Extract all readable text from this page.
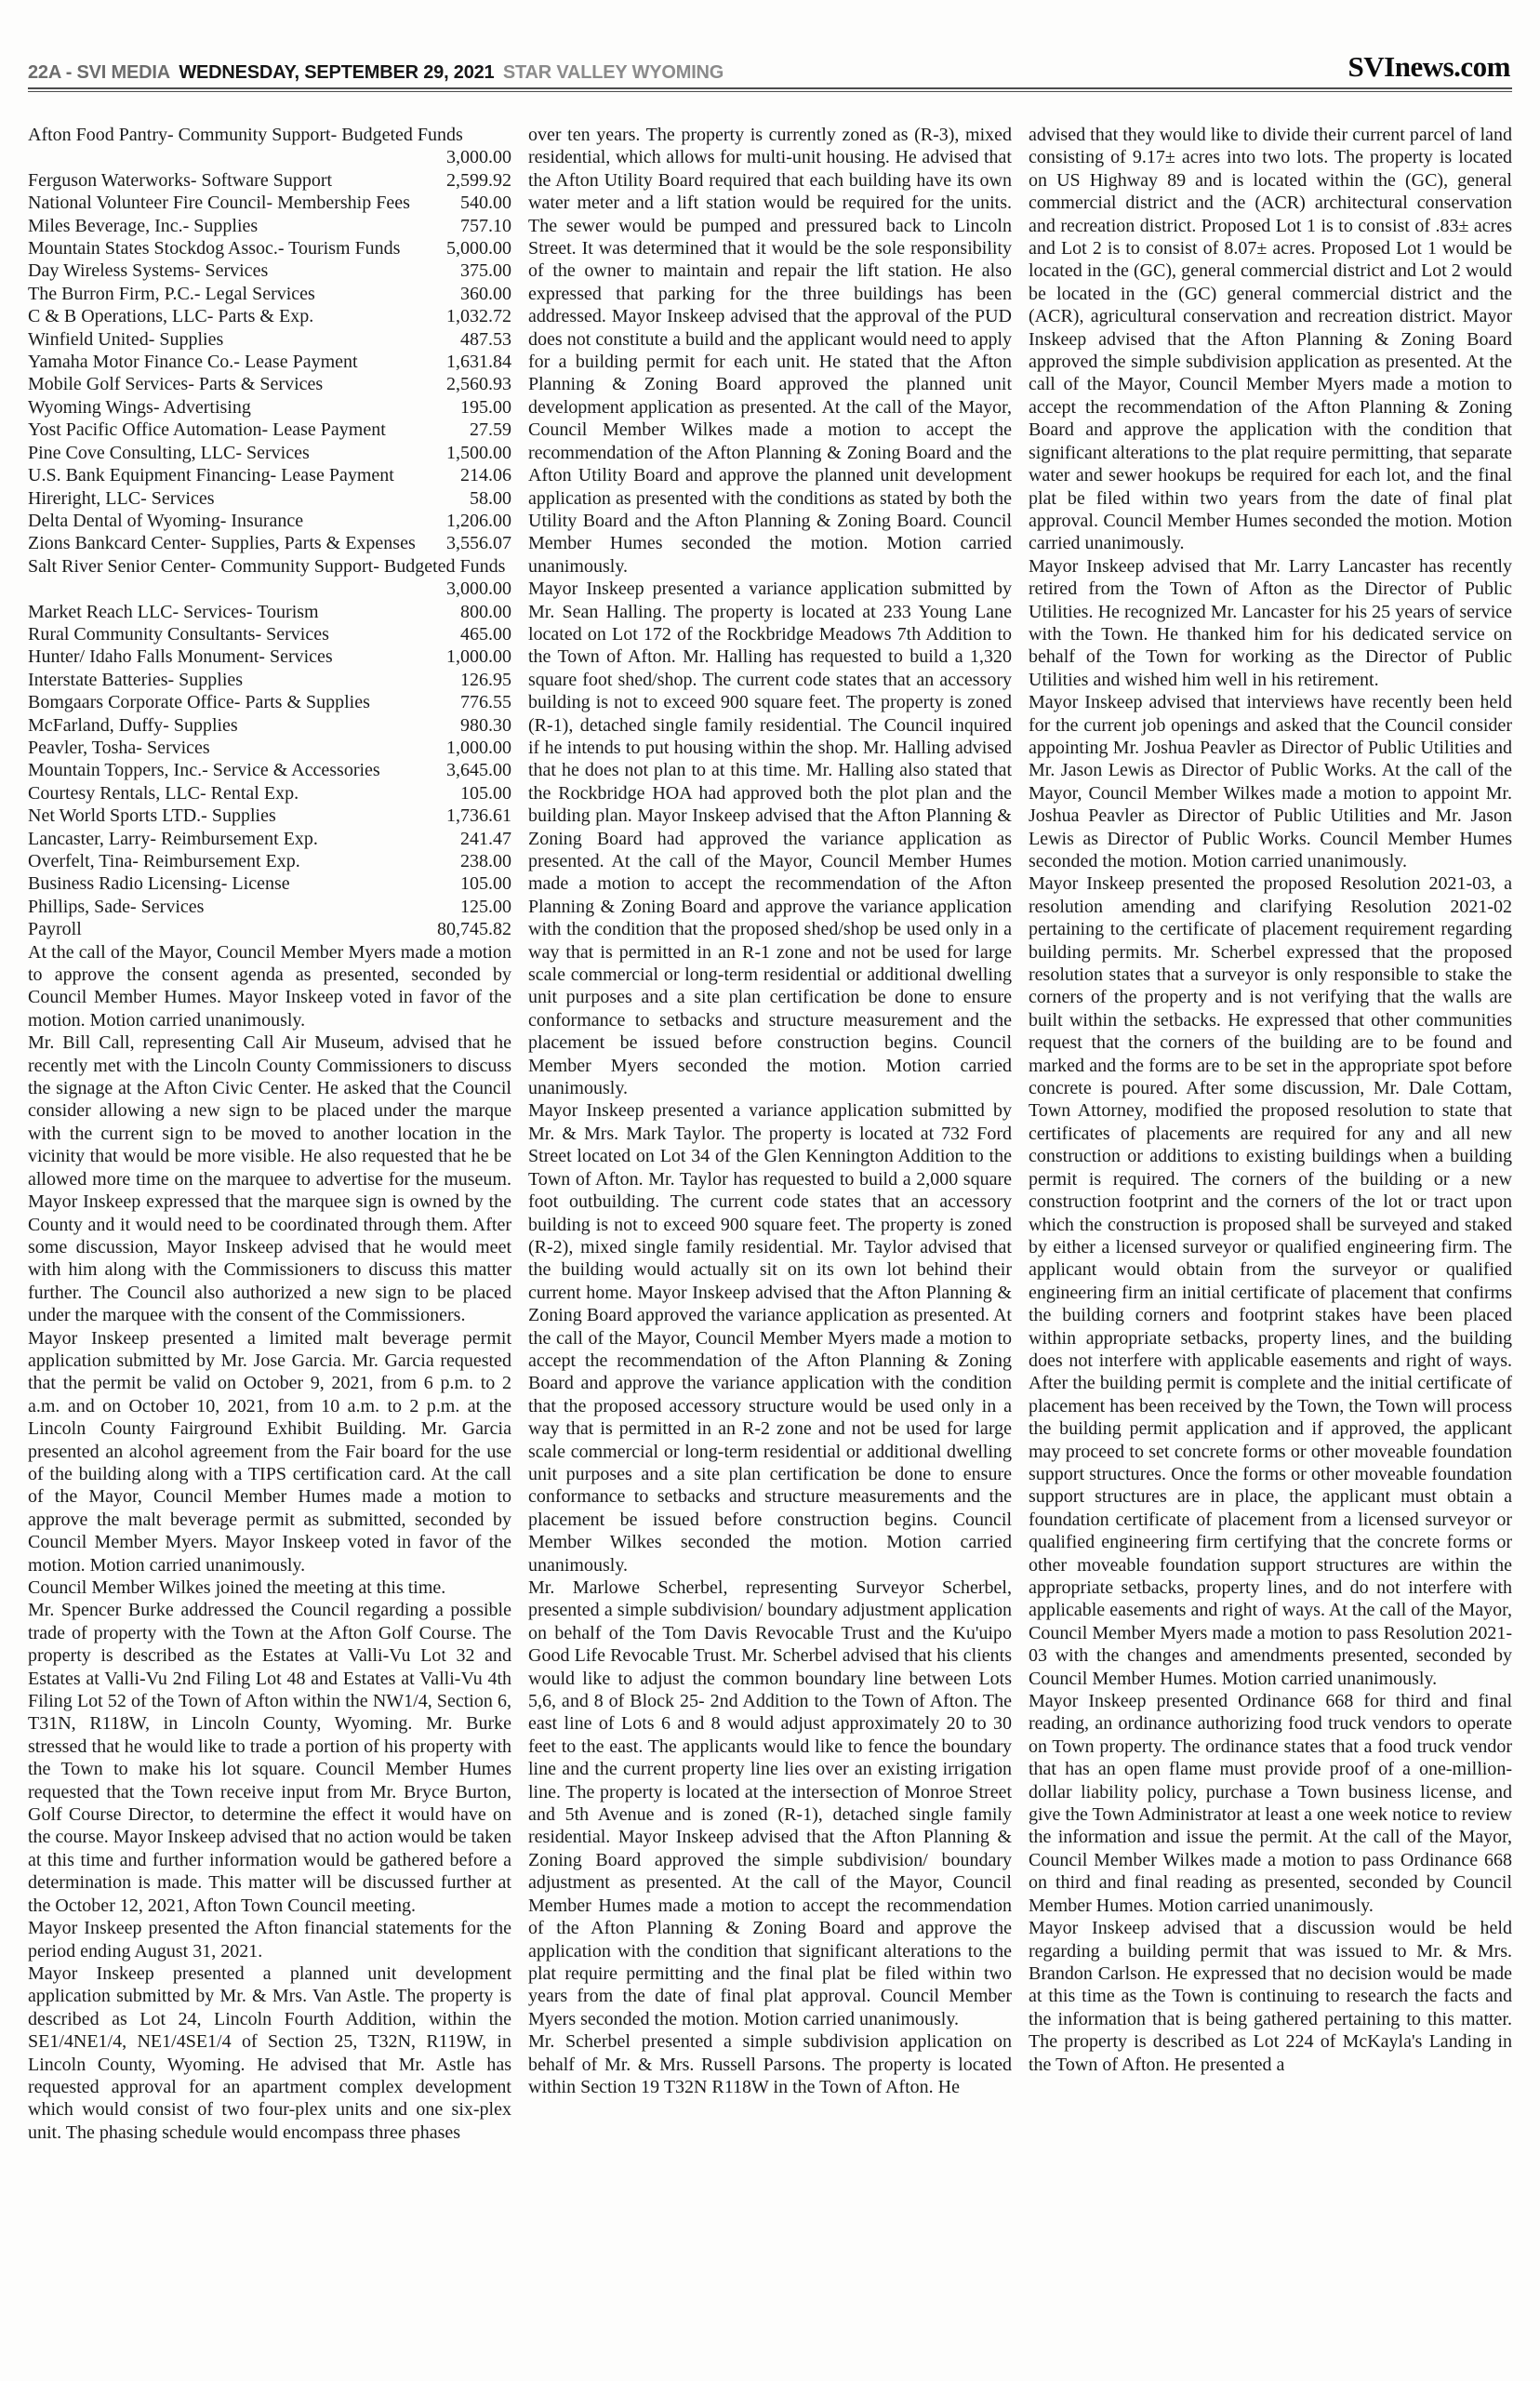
22A - SVI MEDIA WEDNESDAY, SEPTEMBER 29, 2021 STAR VALLEY WYOMING	SVInews.com
Afton Food Pantry- Community Support- Budgeted Funds
3,000.00
Ferguson Waterworks- Software Support	2,599.92
National Volunteer Fire Council- Membership Fees	540.00
Miles Beverage, Inc.- Supplies	757.10
Mountain States Stockdog Assoc.- Tourism Funds 5,000.00
Day Wireless Systems- Services	375.00
The Burron Firm, P.C.- Legal Services	360.00
C & B Operations, LLC- Parts & Exp.	1,032.72
Winfield United- Supplies	487.53
Yamaha Motor Finance Co.- Lease Payment	1,631.84
Mobile Golf Services- Parts & Services	2,560.93
Wyoming Wings- Advertising	195.00
Yost Pacific Office Automation- Lease Payment	27.59
Pine Cove Consulting, LLC- Services	1,500.00
U.S. Bank Equipment Financing- Lease Payment	214.06
Hireright, LLC- Services	58.00
Delta Dental of Wyoming- Insurance	1,206.00
Zions Bankcard Center- Supplies, Parts & Expenses 3,556.07
Salt River Senior Center- Community Support- Budgeted Funds
3,000.00
Market Reach LLC- Services- Tourism	800.00
Rural Community Consultants- Services	465.00
Hunter/ Idaho Falls Monument- Services	1,000.00
Interstate Batteries- Supplies	126.95
Bomgaars Corporate Office- Parts & Supplies	776.55
McFarland, Duffy- Supplies	980.30
Peavler, Tosha- Services	1,000.00
Mountain Toppers, Inc.- Service & Accessories	3,645.00
Courtesy Rentals, LLC- Rental Exp.	105.00
Net World Sports LTD.- Supplies	1,736.61
Lancaster, Larry- Reimbursement Exp.	241.47
Overfelt, Tina- Reimbursement Exp.	238.00
Business Radio Licensing- License	105.00
Phillips, Sade- Services	125.00
Payroll	80,745.82

At the call of the Mayor, Council Member Myers made a motion to approve the consent agenda as presented, seconded by Council Member Humes. Mayor Inskeep voted in favor of the motion. Motion carried unanimously.

Mr. Bill Call, representing Call Air Museum, advised that he recently met with the Lincoln County Commissioners to discuss the signage at the Afton Civic Center. He asked that the Council consider allowing a new sign to be placed under the marque with the current sign to be moved to another location in the vicinity that would be more visible. He also requested that he be allowed more time on the marquee to advertise for the museum. Mayor Inskeep expressed that the marquee sign is owned by the County and it would need to be coordinated through them. After some discussion, Mayor Inskeep advised that he would meet with him along with the Commissioners to discuss this matter further. The Council also authorized a new sign to be placed under the marquee with the consent of the Commissioners.

Mayor Inskeep presented a limited malt beverage permit application submitted by Mr. Jose Garcia. Mr. Garcia requested that the permit be valid on October 9, 2021, from 6 p.m. to 2 a.m. and on October 10, 2021, from 10 a.m. to 2 p.m. at the Lincoln County Fairground Exhibit Building. Mr. Garcia presented an alcohol agreement from the Fair board for the use of the building along with a TIPS certification card. At the call of the Mayor, Council Member Humes made a motion to approve the malt beverage permit as submitted, seconded by Council Member Myers. Mayor Inskeep voted in favor of the motion. Motion carried unanimously.

Council Member Wilkes joined the meeting at this time.

Mr. Spencer Burke addressed the Council regarding a possible trade of property with the Town at the Afton Golf Course. The property is described as the Estates at Valli-Vu Lot 32 and Estates at Valli-Vu 2nd Filing Lot 48 and Estates at Valli-Vu 4th Filing Lot 52 of the Town of Afton within the NW1/4, Section 6, T31N, R118W, in Lincoln County, Wyoming. Mr. Burke stressed that he would like to trade a portion of his property with the Town to make his lot square. Council Member Humes requested that the Town receive input from Mr. Bryce Burton, Golf Course Director, to determine the effect it would have on the course. Mayor Inskeep advised that no action would be taken at this time and further information would be gathered before a determination is made. This matter will be discussed further at the October 12, 2021, Afton Town Council meeting.

Mayor Inskeep presented the Afton financial statements for the period ending August 31, 2021.

Mayor Inskeep presented a planned unit development application submitted by Mr. & Mrs. Van Astle. The property is described as Lot 24, Lincoln Fourth Addition, within the SE1/4NE1/4, NE1/4SE1/4 of Section 25, T32N, R119W, in Lincoln County, Wyoming. He advised that Mr. Astle has requested approval for an apartment complex development which would consist of two four-plex units and one six-plex unit. The phasing schedule would encompass three phases

over ten years. The property is currently zoned as (R-3), mixed residential, which allows for multi-unit housing. He advised that the Afton Utility Board required that each building have its own water meter and a lift station would be required for the units. The sewer would be pumped and pressured back to Lincoln Street. It was determined that it would be the sole responsibility of the owner to maintain and repair the lift station. He also expressed that parking for the three buildings has been addressed. Mayor Inskeep advised that the approval of the PUD does not constitute a build and the applicant would need to apply for a building permit for each unit. He stated that the Afton Planning & Zoning Board approved the planned unit development application as presented. At the call of the Mayor, Council Member Wilkes made a motion to accept the recommendation of the Afton Planning & Zoning Board and the Afton Utility Board and approve the planned unit development application as presented with the conditions as stated by both the Utility Board and the Afton Planning & Zoning Board. Council Member Humes seconded the motion. Motion carried unanimously.

Mayor Inskeep presented a variance application submitted by Mr. Sean Halling. The property is located at 233 Young Lane located on Lot 172 of the Rockbridge Meadows 7th Addition to the Town of Afton. Mr. Halling has requested to build a 1,320 square foot shed/shop. The current code states that an accessory building is not to exceed 900 square feet. The property is zoned (R-1), detached single family residential. The Council inquired if he intends to put housing within the shop. Mr. Halling advised that he does not plan to at this time. Mr. Halling also stated that the Rockbridge HOA had approved both the plot plan and the building plan. Mayor Inskeep advised that the Afton Planning & Zoning Board had approved the variance application as presented. At the call of the Mayor, Council Member Humes made a motion to accept the recommendation of the Afton Planning & Zoning Board and approve the variance application with the condition that the proposed shed/shop be used only in a way that is permitted in an R-1 zone and not be used for large scale commercial or long-term residential or additional dwelling unit purposes and a site plan certification be done to ensure conformance to setbacks and structure measurement and the placement be issued before construction begins. Council Member Myers seconded the motion. Motion carried unanimously.

Mayor Inskeep presented a variance application submitted by Mr. & Mrs. Mark Taylor. The property is located at 732 Ford Street located on Lot 34 of the Glen Kennington Addition to the Town of Afton. Mr. Taylor has requested to build a 2,000 square foot outbuilding. The current code states that an accessory building is not to exceed 900 square feet. The property is zoned (R-2), mixed single family residential. Mr. Taylor advised that the building would actually sit on its own lot behind their current home. Mayor Inskeep advised that the Afton Planning & Zoning Board approved the variance application as presented. At the call of the Mayor, Council Member Myers made a motion to accept the recommendation of the Afton Planning & Zoning Board and approve the variance application with the condition that the proposed accessory structure would be used only in a way that is permitted in an R-2 zone and not be used for large scale commercial or long-term residential or additional dwelling unit purposes and a site plan certification be done to ensure conformance to setbacks and structure measurements and the placement be issued before construction begins. Council Member Wilkes seconded the motion. Motion carried unanimously.

Mr. Marlowe Scherbel, representing Surveyor Scherbel, presented a simple subdivision/ boundary adjustment application on behalf of the Tom Davis Revocable Trust and the Ku'uipo Good Life Revocable Trust. Mr. Scherbel advised that his clients would like to adjust the common boundary line between Lots 5,6, and 8 of Block 25- 2nd Addition to the Town of Afton. The east line of Lots 6 and 8 would adjust approximately 20 to 30 feet to the east. The applicants would like to fence the boundary line and the current property line lies over an existing irrigation line. The property is located at the intersection of Monroe Street and 5th Avenue and is zoned (R-1), detached single family residential. Mayor Inskeep advised that the Afton Planning & Zoning Board approved the simple subdivision/ boundary adjustment as presented. At the call of the Mayor, Council Member Humes made a motion to accept the recommendation of the Afton Planning & Zoning Board and approve the application with the condition that significant alterations to the plat require permitting and the final plat be filed within two years from the date of final plat approval. Council Member Myers seconded the motion. Motion carried unanimously.

Mr. Scherbel presented a simple subdivision application on behalf of Mr. & Mrs. Russell Parsons. The property is located within Section 19 T32N R118W in the Town of Afton. He

advised that they would like to divide their current parcel of land consisting of 9.17± acres into two lots. The property is located on US Highway 89 and is located within the (GC), general commercial district and the (ACR) architectural conservation and recreation district. Proposed Lot 1 is to consist of .83± acres and Lot 2 is to consist of 8.07± acres. Proposed Lot 1 would be located in the (GC), general commercial district and Lot 2 would be located in the (GC) general commercial district and the (ACR), agricultural conservation and recreation district. Mayor Inskeep advised that the Afton Planning & Zoning Board approved the simple subdivision application as presented. At the call of the Mayor, Council Member Myers made a motion to accept the recommendation of the Afton Planning & Zoning Board and approve the application with the condition that significant alterations to the plat require permitting, that separate water and sewer hookups be required for each lot, and the final plat be filed within two years from the date of final plat approval. Council Member Humes seconded the motion. Motion carried unanimously.

Mayor Inskeep advised that Mr. Larry Lancaster has recently retired from the Town of Afton as the Director of Public Utilities. He recognized Mr. Lancaster for his 25 years of service with the Town. He thanked him for his dedicated service on behalf of the Town for working as the Director of Public Utilities and wished him well in his retirement.

Mayor Inskeep advised that interviews have recently been held for the current job openings and asked that the Council consider appointing Mr. Joshua Peavler as Director of Public Utilities and Mr. Jason Lewis as Director of Public Works. At the call of the Mayor, Council Member Wilkes made a motion to appoint Mr. Joshua Peavler as Director of Public Utilities and Mr. Jason Lewis as Director of Public Works. Council Member Humes seconded the motion. Motion carried unanimously.

Mayor Inskeep presented the proposed Resolution 2021-03, a resolution amending and clarifying Resolution 2021-02 pertaining to the certificate of placement requirement regarding building permits. Mr. Scherbel expressed that the proposed resolution states that a surveyor is only responsible to stake the corners of the property and is not verifying that the walls are built within the setbacks. He expressed that other communities request that the corners of the building are to be found and marked and the forms are to be set in the appropriate spot before concrete is poured. After some discussion, Mr. Dale Cottam, Town Attorney, modified the proposed resolution to state that certificates of placements are required for any and all new construction or additions to existing buildings when a building permit is required. The corners of the building or a new construction footprint and the corners of the lot or tract upon which the construction is proposed shall be surveyed and staked by either a licensed surveyor or qualified engineering firm. The applicant would obtain from the surveyor or qualified engineering firm an initial certificate of placement that confirms the building corners and footprint stakes have been placed within appropriate setbacks, property lines, and the building does not interfere with applicable easements and right of ways. After the building permit is complete and the initial certificate of placement has been received by the Town, the Town will process the building permit application and if approved, the applicant may proceed to set concrete forms or other moveable foundation support structures. Once the forms or other moveable foundation support structures are in place, the applicant must obtain a foundation certificate of placement from a licensed surveyor or qualified engineering firm certifying that the concrete forms or other moveable foundation support structures are within the appropriate setbacks, property lines, and do not interfere with applicable easements and right of ways. At the call of the Mayor, Council Member Myers made a motion to pass Resolution 2021-03 with the changes and amendments presented, seconded by Council Member Humes. Motion carried unanimously.

Mayor Inskeep presented Ordinance 668 for third and final reading, an ordinance authorizing food truck vendors to operate on Town property. The ordinance states that a food truck vendor that has an open flame must provide proof of a one-million-dollar liability policy, purchase a Town business license, and give the Town Administrator at least a one week notice to review the information and issue the permit. At the call of the Mayor, Council Member Wilkes made a motion to pass Ordinance 668 on third and final reading as presented, seconded by Council Member Humes. Motion carried unanimously.

Mayor Inskeep advised that a discussion would be held regarding a building permit that was issued to Mr. & Mrs. Brandon Carlson. He expressed that no decision would be made at this time as the Town is continuing to research the facts and the information that is being gathered pertaining to this matter. The property is described as Lot 224 of McKayla's Landing in the Town of Afton. He presented a
